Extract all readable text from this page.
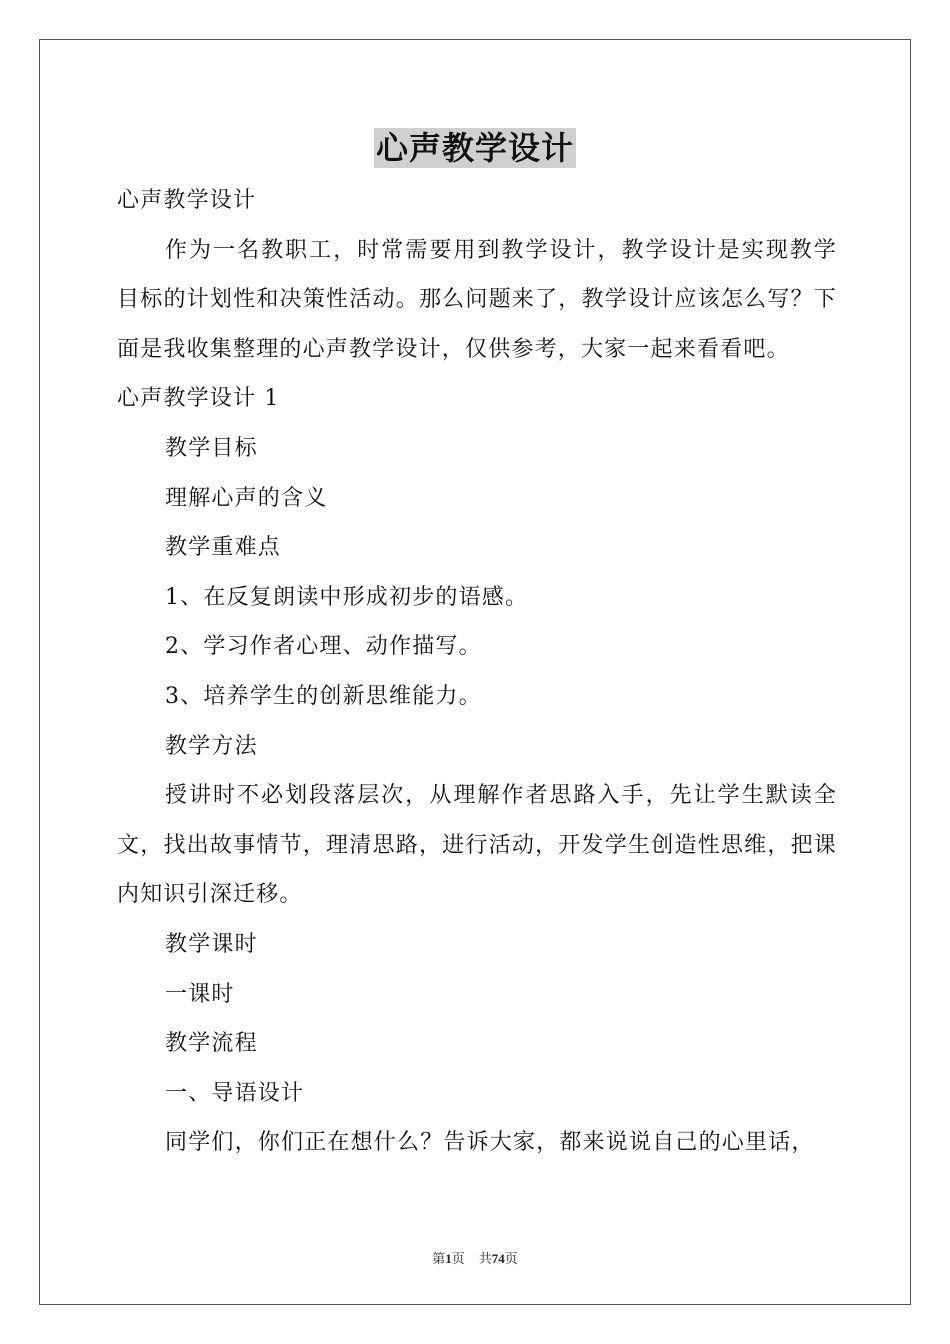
心声教学设计

心声教学设计

作为一名教职工，时常需要用到教学设计，教学设计是实现教学目标的计划性和决策性活动。那么问题来了，教学设计应该怎么写？下面是我收集整理的心声教学设计，仅供参考，大家一起来看看吧。

心声教学设计 1

教学目标

理解心声的含义

教学重难点

1、在反复朗读中形成初步的语感。

2、学习作者心理、动作描写。

3、培养学生的创新思维能力。

教学方法

授讲时不必划段落层次，从理解作者思路入手，先让学生默读全文，找出故事情节，理清思路，进行活动，开发学生创造性思维，把课内知识引深迁移。

教学课时

一课时

教学流程

一、导语设计

同学们，你们正在想什么？告诉大家，都来说说自己的心里话，

第1页 共74页
